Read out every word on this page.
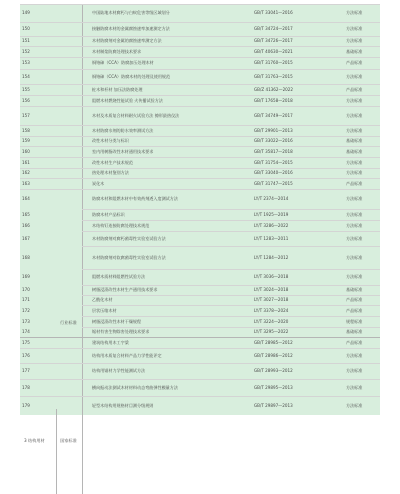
149	中国陆地木材腐朽与白蚁危害等级区域划分	GB/T 33041—2016	方法标准
150	接触防腐木材的金属腐蚀速率加速测定方法	GB/T 34724—2017	方法标准
151	木材防腐剂对金属的腐蚀速率测定方法	GB/T 34726—2017	方法标准
152	木材制浆防腐处理技术要求	GB/T 40630—2021	基础标准
153	铜铬砷（CCA）防腐加压处理木材	GB/T 31760—2015	产品标准
154	铜铬砷（CCA）防腐木材的处理及使用规范	GB/T 31763—2015	方法标准
155	桩木和杆材 加压法防腐处理	GB/Z 41362—2022	产品标准
156	阻燃木材燃烧性能试验 火传播试验方法	GB/T 17658—2018	方法标准
157	木材及木质复合材料耐火试验方法 擦形最热仪法	GB/T 34749—2017	方法标准
158	木材防腐水剂的防水效率测试方法	GB/T 29901—2013	方法标准
159	改性木材分类与标识	GB/T 33022—2016	基础标准
160	室内用树脂改性木材通用技术要求	GB/T 35817—2018	基础标准
161	改性木材生产技术规范	GB/T 31754—2015	方法标准
162	热处理木材鉴别方法	GB/T 33040—2016	方法标准
163	炭化木	GB/T 31747—2015	产品标准
164	防腐木材和阻燃木材中有效药剂透入度测试方法	LY/T 2374—2014	方法标准
165	防腐木材产品标识	LY/T 1925—2019	方法标准
166	木结构钉连接防腐处理技术规范	LY/T 3286—2022	方法标准
167	木材防腐剂对腐朽菌毒性实验室试验方法	LY/T 1283—2011	方法标准
168	木材防腐剂对软腐菌毒性实验室试验方法	LY/T 1284—2012	方法标准
169	阻燃木质材料阻燃性试验方法	LY/T 3036—2018	方法标准
170	树脂浸渍改性木材生产通用技术要求	LY/T 3024—2018	基础标准
171	乙酰化木材	LY/T 3027—2018	产品标准
172	层状压缩木材	LY/T 3378—2024	产品标准
173	树脂浸渍改性木材干燥规程	LY/T 3224—2020	规程标准
174	锯材有害生物除害处理技术要求	LY/T 3295—2022	基础标准
175	建筑结构用木工字梁	GB/T 28985—2012	产品标准
176	结构用木质复合材料产品力学性能评定	GB/T 28986—2012	方法标准
177	结构用锯材力学性能测试方法	GB/T 28993—2012	方法标准
178	横向振动法测试木材材料动态弯曲弹性模量方法	GB/T 29895—2013	方法标准
179	轻型木结构用规格材目测分级规则	GB/T 29897—2013	方法标准
行业标准
3 结构用材	国家标准
